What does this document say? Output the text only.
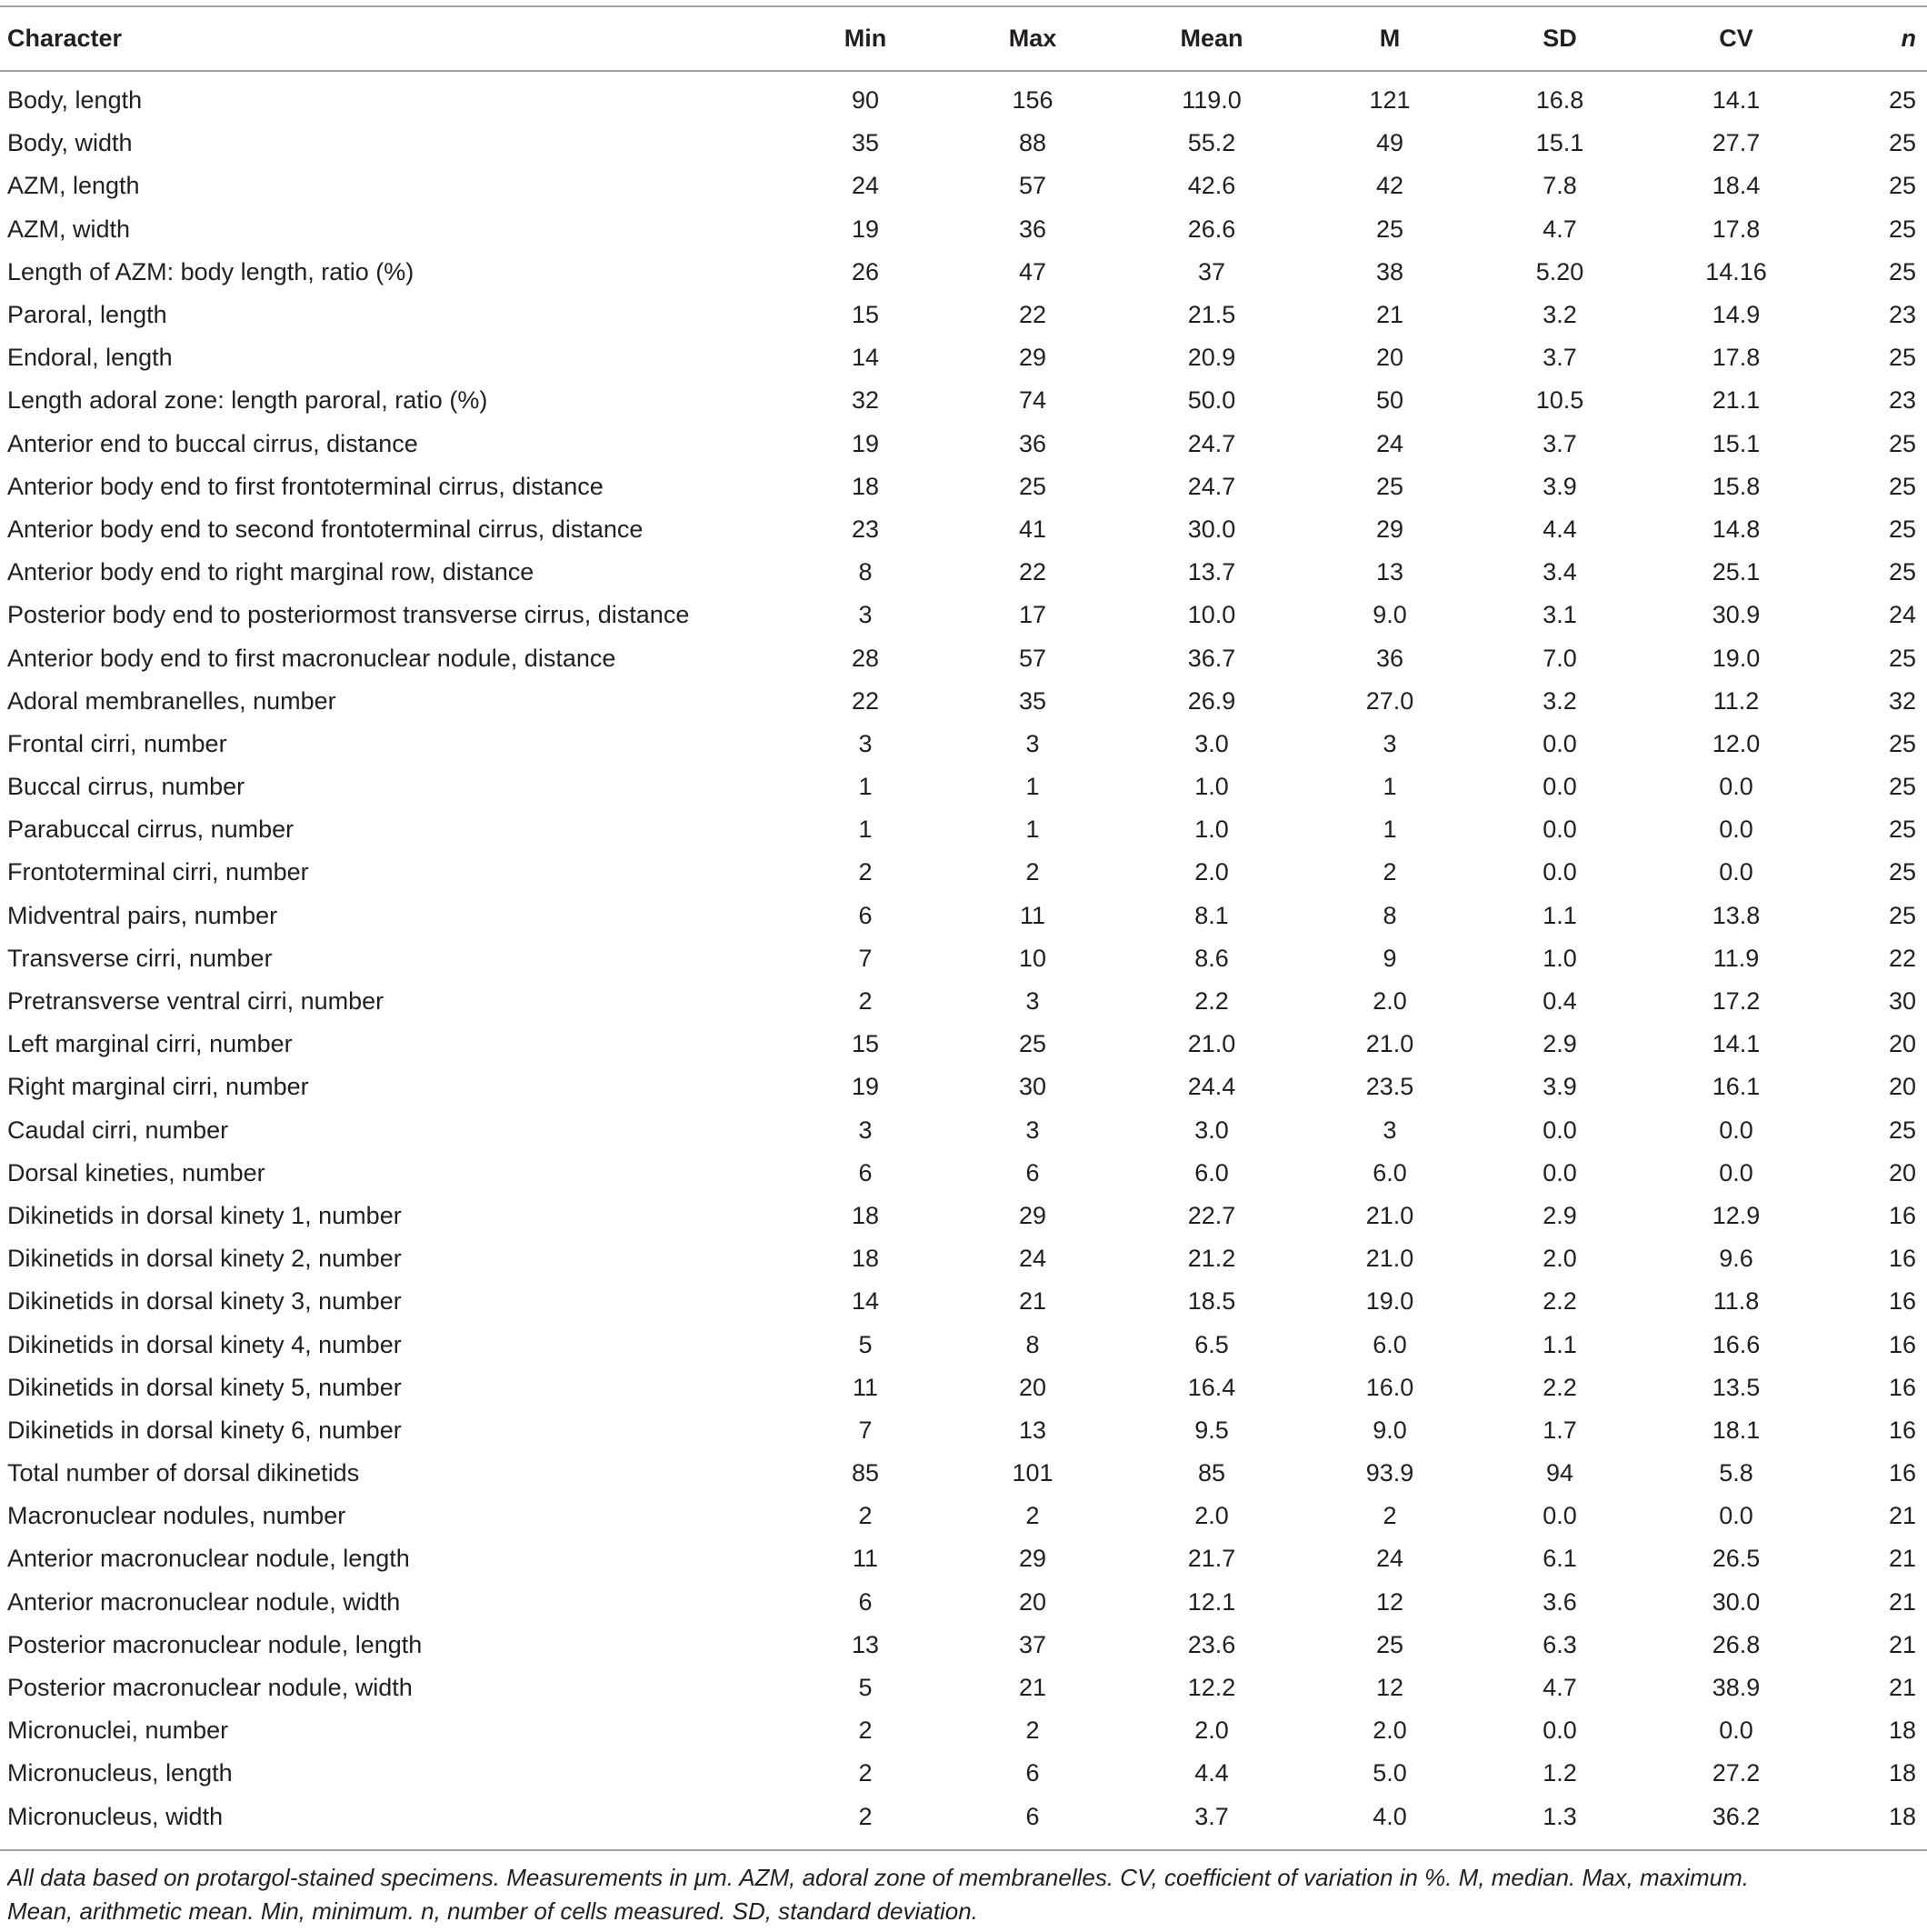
Character	Min	Max	Mean	M	SD	CV	n
Body, length	90	156	119.0	121	16.8	14.1	25
Body, width	35	88	55.2	49	15.1	27.7	25
AZM, length	24	57	42.6	42	7.8	18.4	25
AZM, width	19	36	26.6	25	4.7	17.8	25
Length of AZM: body length, ratio (%)	26	47	37	38	5.20	14.16	25
Paroral, length	15	22	21.5	21	3.2	14.9	23
Endoral, length	14	29	20.9	20	3.7	17.8	25
Length adoral zone: length paroral, ratio (%)	32	74	50.0	50	10.5	21.1	23
Anterior end to buccal cirrus, distance	19	36	24.7	24	3.7	15.1	25
Anterior body end to first frontoterminal cirrus, distance	18	25	24.7	25	3.9	15.8	25
Anterior body end to second frontoterminal cirrus, distance	23	41	30.0	29	4.4	14.8	25
Anterior body end to right marginal row, distance	8	22	13.7	13	3.4	25.1	25
Posterior body end to posteriormost transverse cirrus, distance	3	17	10.0	9.0	3.1	30.9	24
Anterior body end to first macronuclear nodule, distance	28	57	36.7	36	7.0	19.0	25
Adoral membranelles, number	22	35	26.9	27.0	3.2	11.2	32
Frontal cirri, number	3	3	3.0	3	0.0	12.0	25
Buccal cirrus, number	1	1	1.0	1	0.0	0.0	25
Parabuccal cirrus, number	1	1	1.0	1	0.0	0.0	25
Frontoterminal cirri, number	2	2	2.0	2	0.0	0.0	25
Midventral pairs, number	6	11	8.1	8	1.1	13.8	25
Transverse cirri, number	7	10	8.6	9	1.0	11.9	22
Pretransverse ventral cirri, number	2	3	2.2	2.0	0.4	17.2	30
Left marginal cirri, number	15	25	21.0	21.0	2.9	14.1	20
Right marginal cirri, number	19	30	24.4	23.5	3.9	16.1	20
Caudal cirri, number	3	3	3.0	3	0.0	0.0	25
Dorsal kineties, number	6	6	6.0	6.0	0.0	0.0	20
Dikinetids in dorsal kinety 1, number	18	29	22.7	21.0	2.9	12.9	16
Dikinetids in dorsal kinety 2, number	18	24	21.2	21.0	2.0	9.6	16
Dikinetids in dorsal kinety 3, number	14	21	18.5	19.0	2.2	11.8	16
Dikinetids in dorsal kinety 4, number	5	8	6.5	6.0	1.1	16.6	16
Dikinetids in dorsal kinety 5, number	11	20	16.4	16.0	2.2	13.5	16
Dikinetids in dorsal kinety 6, number	7	13	9.5	9.0	1.7	18.1	16
Total number of dorsal dikinetids	85	101	85	93.9	94	5.8	16
Macronuclear nodules, number	2	2	2.0	2	0.0	0.0	21
Anterior macronuclear nodule, length	11	29	21.7	24	6.1	26.5	21
Anterior macronuclear nodule, width	6	20	12.1	12	3.6	30.0	21
Posterior macronuclear nodule, length	13	37	23.6	25	6.3	26.8	21
Posterior macronuclear nodule, width	5	21	12.2	12	4.7	38.9	21
Micronuclei, number	2	2	2.0	2.0	0.0	0.0	18
Micronucleus, length	2	6	4.4	5.0	1.2	27.2	18
Micronucleus, width	2	6	3.7	4.0	1.3	36.2	18
All data based on protargol-stained specimens. Measurements in μm. AZM, adoral zone of membranelles. CV, coefficient of variation in %. M, median. Max, maximum.
Mean, arithmetic mean. Min, minimum. n, number of cells measured. SD, standard deviation.
